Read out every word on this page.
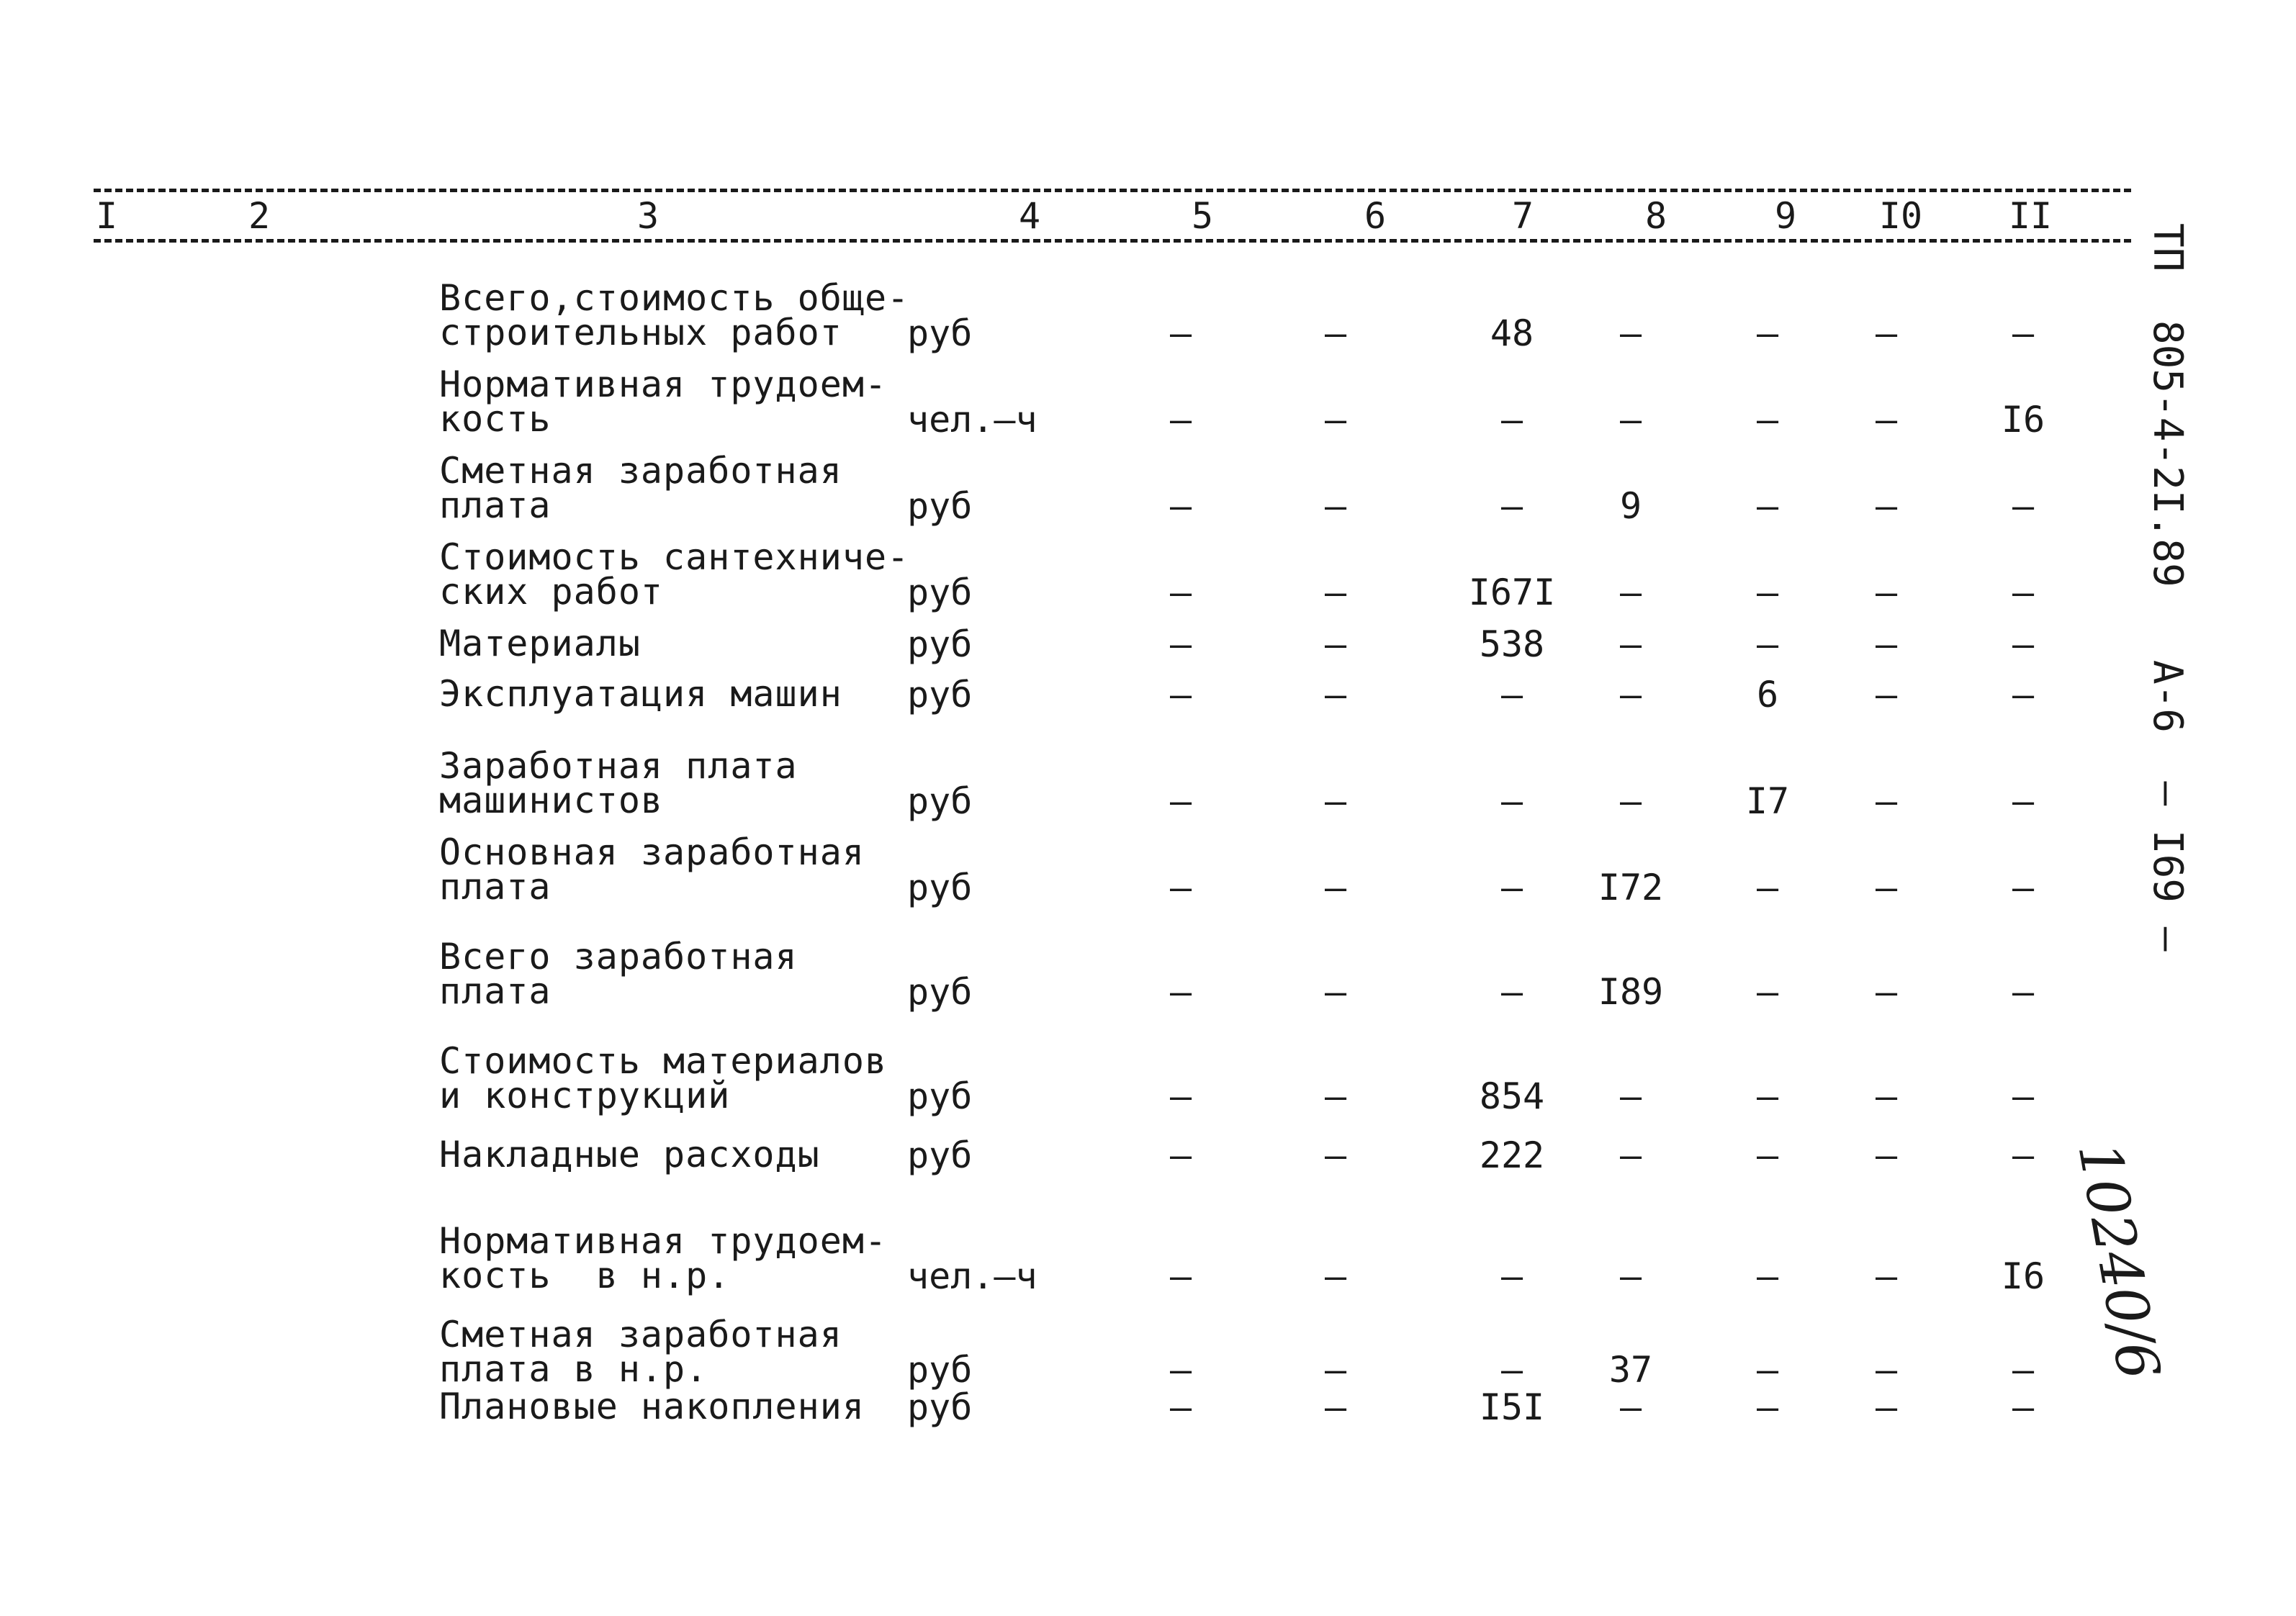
I	2	3	4	5	6	7	8	9	I0	II
Всего,стоимость обще-
строительных работ	руб	–	–	48	–	–	–	–
Нормативная трудоем-
кость	чел.–ч	–	–	–	–	–	–	I6
Сметная заработная
плата	руб	–	–	–	9	–	–	–
Стоимость сантехниче-
ских работ	руб	–	–	I67I	–	–	–	–
Материалы	руб	–	–	538	–	–	–	–
Эксплуатация машин руб	–	–	–	–	6	–	–
Заработная плата
машинистов	руб	–	–	–	–	I7	–	–
Основная заработная
плата	руб	–	–	–	I72	–	–	–
Всего заработная
плата	руб	–	–	–	I89	–	–	–
Стоимость материалов
и конструкций	руб	–	–	854	–	–	–	–
Накладные расходы руб	–	–	222	–	–	–	–
Нормативная трудоем-
кость  в н.р.	чел.–ч	–	–	–	–	–	–	I6
Сметная заработная
плата в н.р.	руб	–	–	–	37	–	–	–
Плановые накопления руб	–	–	I5I	–	–	–	–
ТП  805-4-2I.89   А-6  – I69 –
10240/6
